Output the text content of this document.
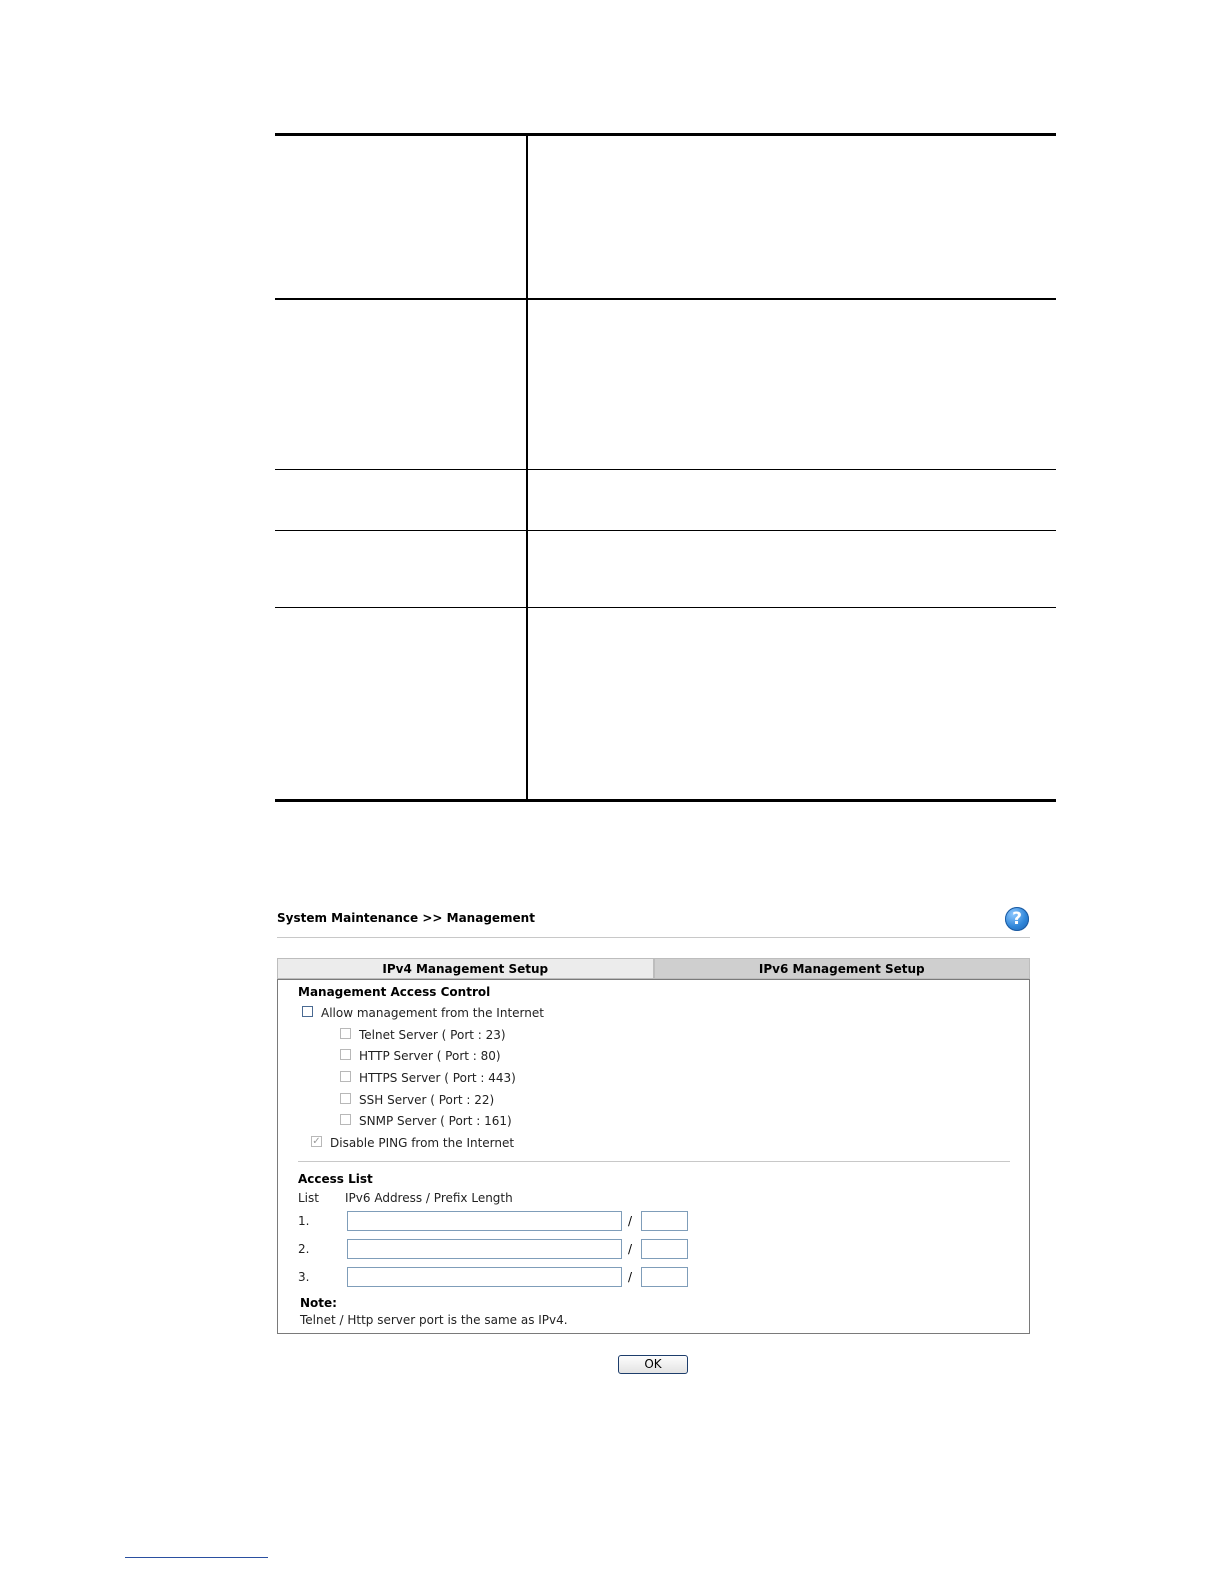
System Maintenance >> Management	?
IPv4 Management Setup	IPv6 Management Setup
Management Access Control
Allow management from the Internet
Telnet Server ( Port : 23)
HTTP Server ( Port : 80)
HTTPS Server ( Port : 443)
SSH Server ( Port : 22)
SNMP Server ( Port : 161)
✓ Disable PING from the Internet
Access List
List IPv6 Address / Prefix Length
1.	/
2.	/
3.	/
Note:
Telnet / Http server port is the same as IPv4.
OK
